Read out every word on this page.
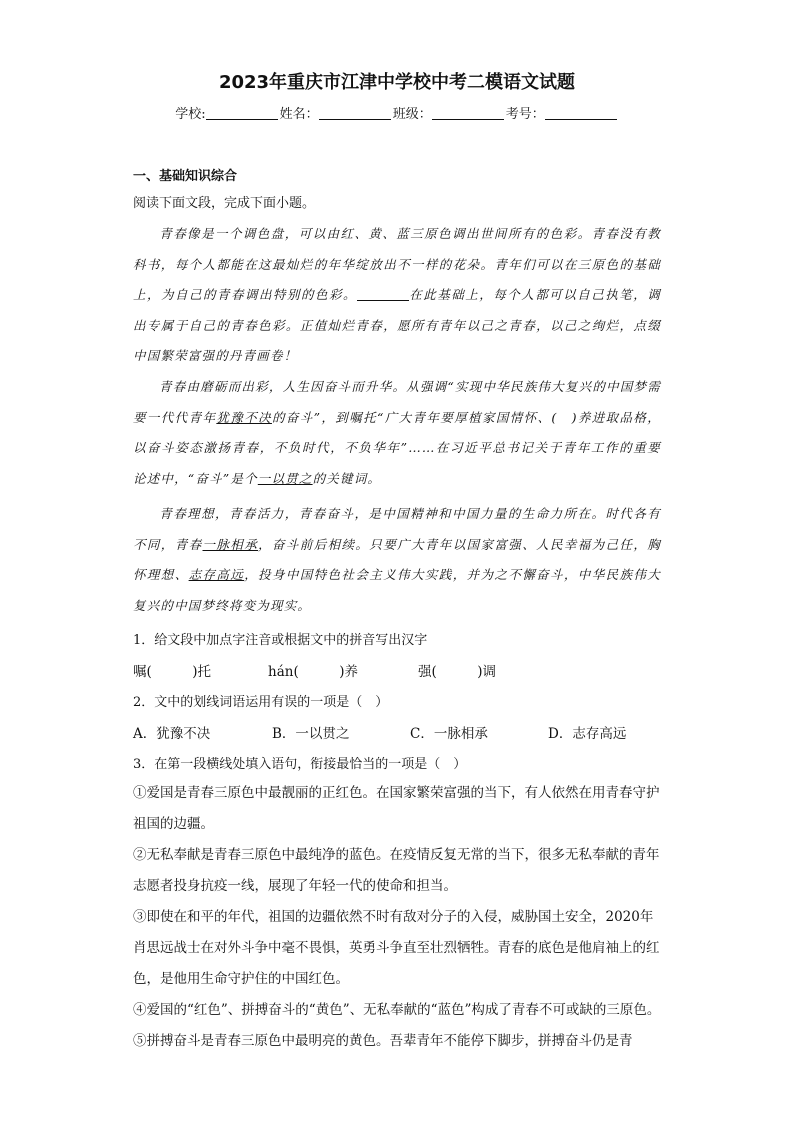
2023年重庆市江津中学校中考二模语文试题
学校:	姓名：	班级：	考号：
一、基础知识综合
阅读下面文段，完成下面小题。
青春像是一个调色盘，可以由红、黄、蓝三原色调出世间所有的色彩。青春没有教科书，每个人都能在这最灿烂的年华绽放出不一样的花朵。青年们可以在三原色的基础上，为自己的青春调出特别的色彩。	在此基础上，每个人都可以自己执笔，调出专属于自己的青春色彩。正值灿烂青春，愿所有青年以己之青春，以己之绚烂，点缀中国繁荣富强的丹青画卷！
青春由磨砺而出彩，人生因奋斗而升华。从强调“实现中华民族伟大复兴的中国梦需要一代代青年犹豫不决的奋斗”，到嘱托“广大青年要厚植家国情怀、(　)养进取品格，以奋斗姿态激扬青春，不负时代，不负华年”……在习近平总书记关于青年工作的重要论述中，“奋斗”是个一以贯之的关键词。
青春理想，青春活力，青春奋斗，是中国精神和中国力量的生命力所在。时代各有不同，青春一脉相承，奋斗前后相续。只要广大青年以国家富强、人民幸福为己任，胸怀理想、志存高远，投身中国特色社会主义伟大实践，并为之不懈奋斗，中华民族伟大复兴的中国梦终将变为现实。
1．给文段中加点字注音或根据文中的拼音写出汉字
嘱(　　　)托	hán(　　　)养	强(　　　)调
2．文中的划线词语运用有误的一项是（　）
A．犹豫不决	B．一以贯之	C．一脉相承	D．志存高远
3．在第一段横线处填入语句，衔接最恰当的一项是（　）
①爱国是青春三原色中最靓丽的正红色。在国家繁荣富强的当下，有人依然在用青春守护祖国的边疆。
②无私奉献是青春三原色中最纯净的蓝色。在疫情反复无常的当下，很多无私奉献的青年志愿者投身抗疫一线，展现了年轻一代的使命和担当。
③即使在和平的年代，祖国的边疆依然不时有敌对分子的入侵，威胁国土安全，2020年肖思远战士在对外斗争中毫不畏惧，英勇斗争直至壮烈牺牲。青春的底色是他肩袖上的红色，是他用生命守护住的中国红色。
④爱国的“红色”、拼搏奋斗的“黄色”、无私奉献的“蓝色”构成了青春不可或缺的三原色。
⑤拼搏奋斗是青春三原色中最明亮的黄色。吾辈青年不能停下脚步，拼搏奋斗仍是青
